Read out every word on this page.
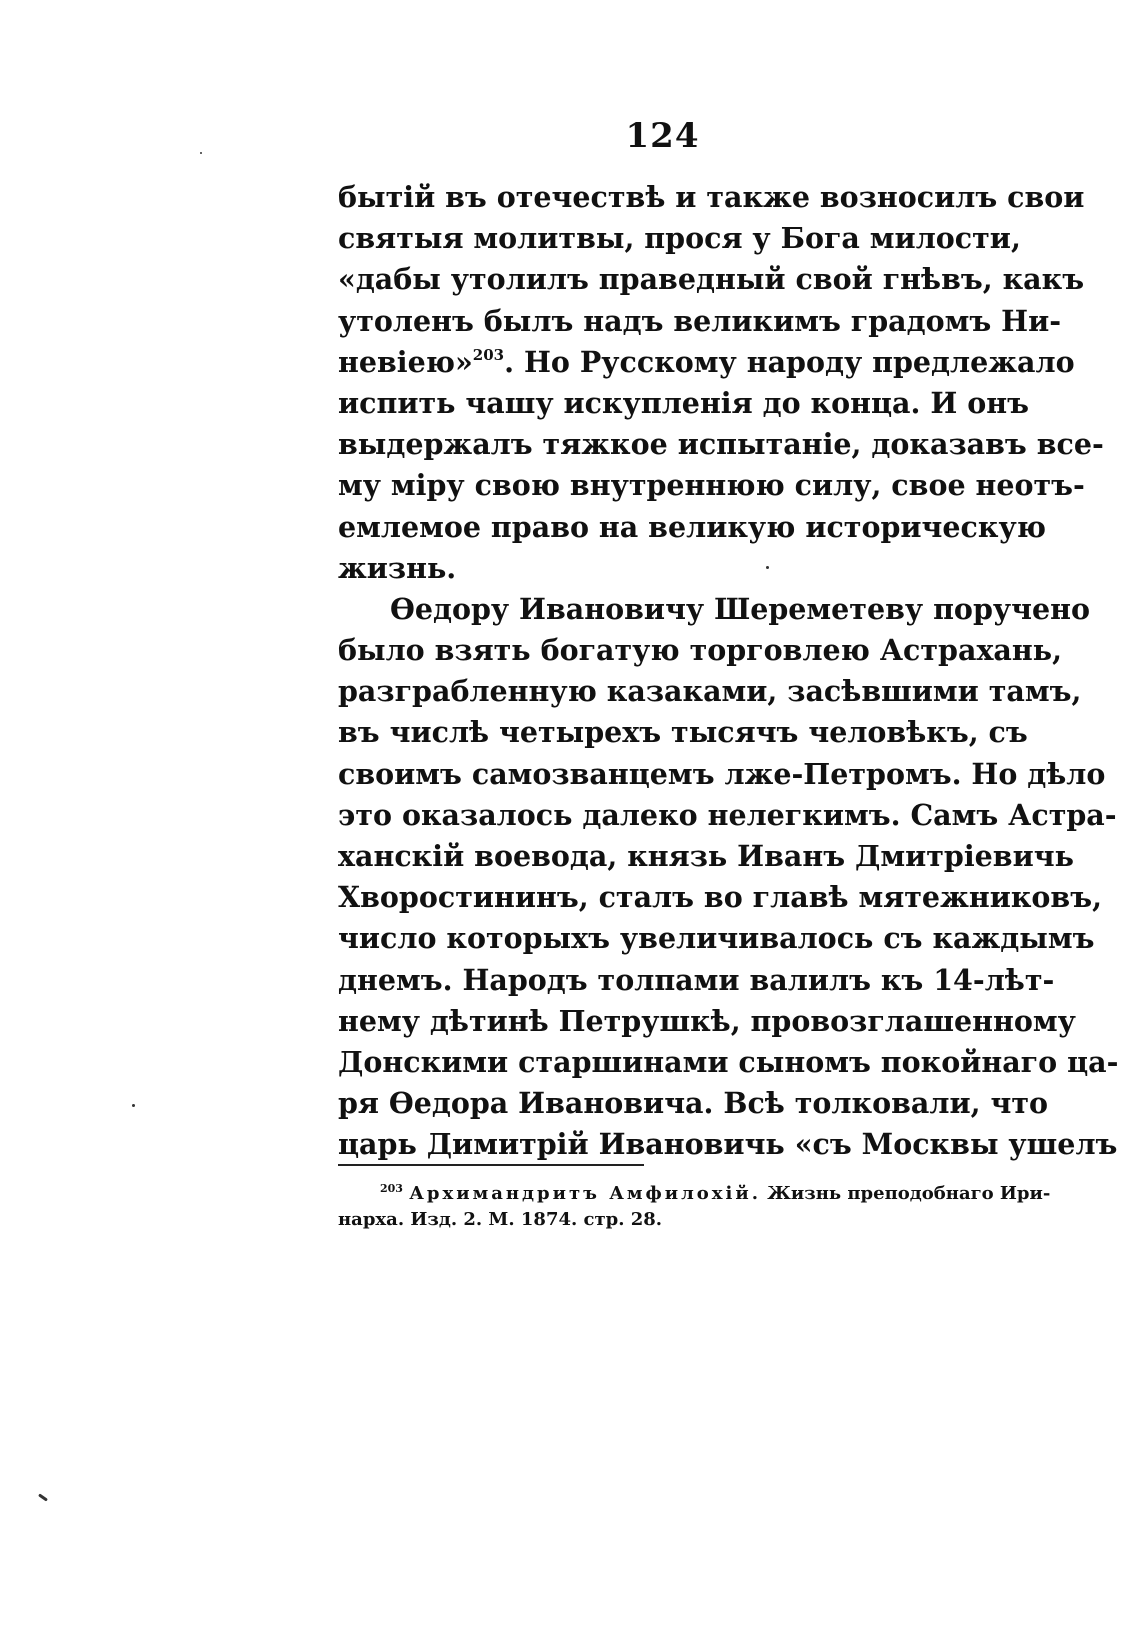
124
бытій въ отечествѣ и также возносилъ свои
святыя молитвы, прося у Бога милости,
«дабы утолилъ праведный свой гнѣвъ, какъ
утоленъ былъ надъ великимъ градомъ Ни-
невіею»$^{203}$. Но Русскому народу предлежало
испить чашу искупленія до конца. И онъ
выдержалъ тяжкое испытаніе, доказавъ все-
му міру свою внутреннюю силу, свое неотъ-
емлемое право на великую историческую
жизнь.
Ѳедору Ивановичу Шереметеву поручено
было взять богатую торговлею Астрахань,
разграбленную казаками, засѣвшими тамъ,
въ числѣ четырехъ тысячъ человѣкъ, съ
своимъ самозванцемъ лже-Петромъ. Но дѣло
это оказалось далеко нелегкимъ. Самъ Астра-
ханскій воевода, князь Иванъ Дмитріевичь
Хворостининъ, сталъ во главѣ мятежниковъ,
число которыхъ увеличивалось съ каждымъ
днемъ. Народъ толпами валилъ къ 14-лѣт-
нему дѣтинѣ Петрушкѣ, провозглашенному
Донскими старшинами сыномъ покойнаго ца-
ря Ѳедора Ивановича. Всѣ толковали, что
царь Димитрій Ивановичь «съ Москвы ушелъ
$^{203}$ Архимандритъ Амфилохій. Жизнь преподобнаго Ири-
нарха. Изд. 2. М. 1874. стр. 28.
